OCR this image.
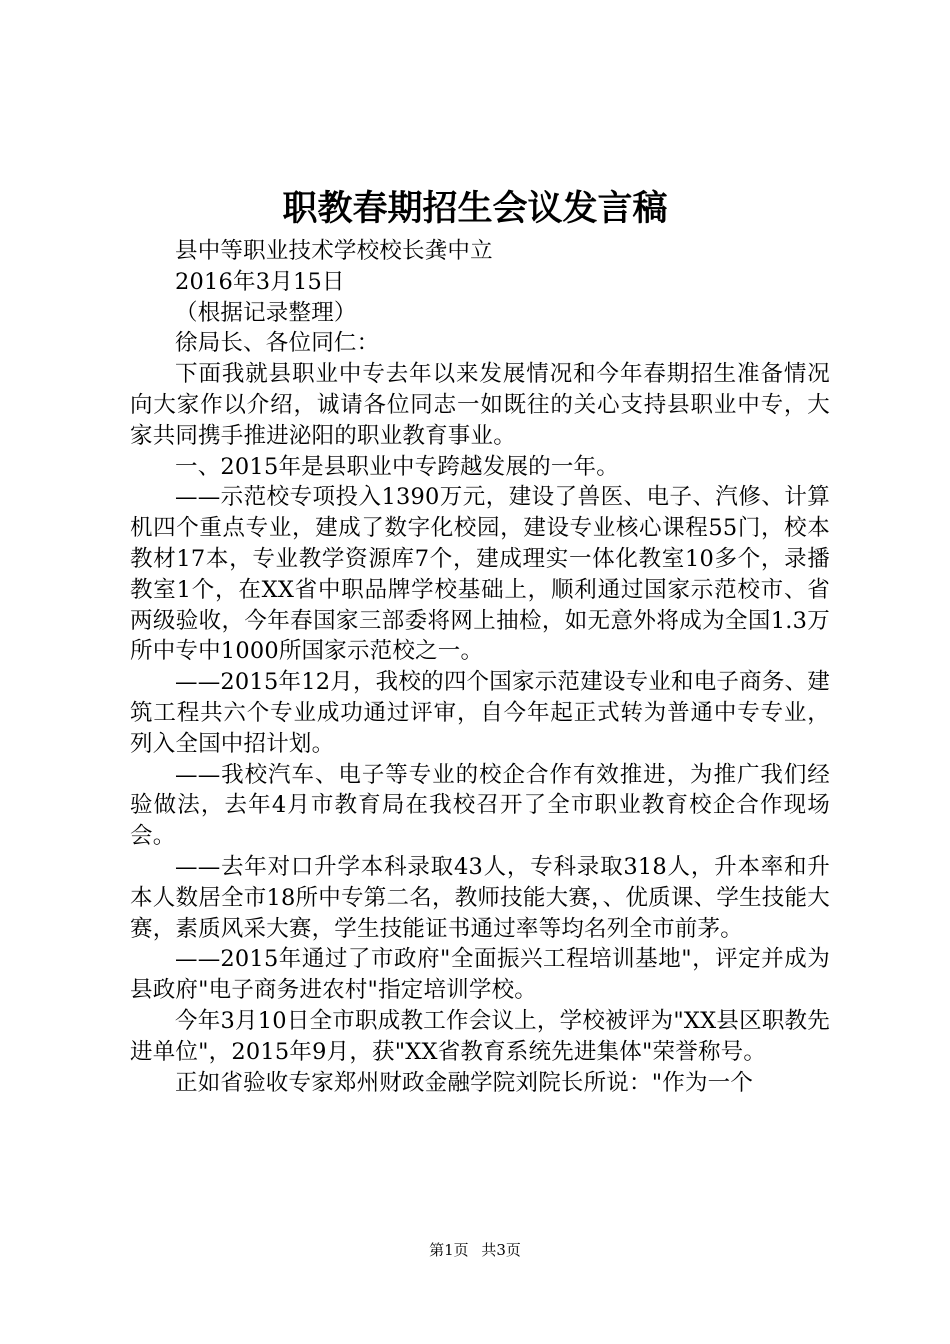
职教春期招生会议发言稿

县中等职业技术学校校长龚中立

2016年3月15日

（根据记录整理）

徐局长、各位同仁：

下面我就县职业中专去年以来发展情况和今年春期招生准备情况向大家作以介绍，诚请各位同志一如既往的关心支持县职业中专，大家共同携手推进泌阳的职业教育事业。

一、2015年是县职业中专跨越发展的一年。

——示范校专项投入1390万元，建设了兽医、电子、汽修、计算机四个重点专业，建成了数字化校园，建设专业核心课程55门，校本教材17本，专业教学资源库7个，建成理实一体化教室10多个，录播教室1个，在XX省中职品牌学校基础上，顺利通过国家示范校市、省两级验收，今年春国家三部委将网上抽检，如无意外将成为全国1.3万所中专中1000所国家示范校之一。

——2015年12月，我校的四个国家示范建设专业和电子商务、建筑工程共六个专业成功通过评审，自今年起正式转为普通中专专业，列入全国中招计划。

——我校汽车、电子等专业的校企合作有效推进，为推广我们经验做法，去年4月市教育局在我校召开了全市职业教育校企合作现场会。

——去年对口升学本科录取43人，专科录取318人，升本率和升本人数居全市18所中专第二名，教师技能大赛，、优质课、学生技能大赛，素质风采大赛，学生技能证书通过率等均名列全市前茅。

——2015年通过了市政府"全面振兴工程培训基地"，评定并成为县政府"电子商务进农村"指定培训学校。

今年3月10日全市职成教工作会议上，学校被评为"XX县区职教先进单位"，2015年9月，获"XX省教育系统先进集体"荣誉称号。

正如省验收专家郑州财政金融学院刘院长所说："作为一个

第1页 共3页
